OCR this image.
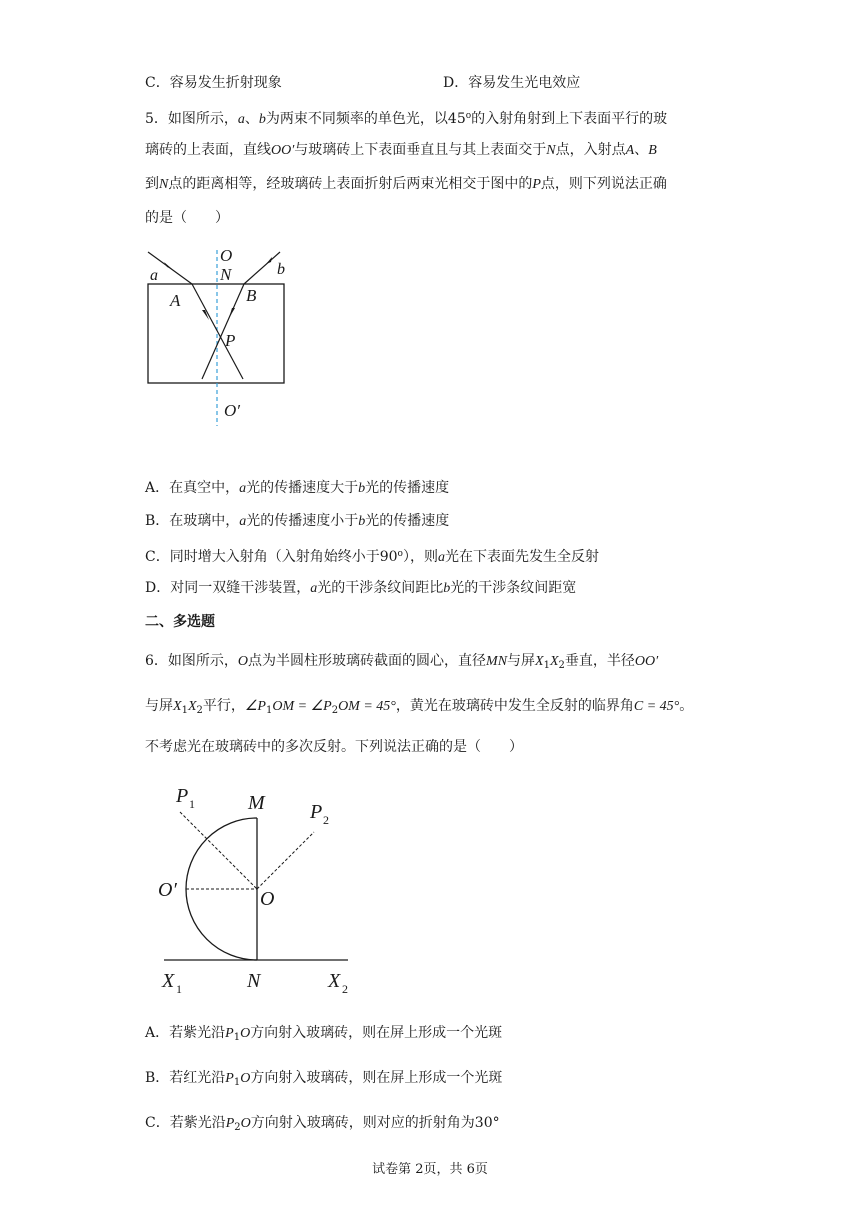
C．容易发生折射现象	D．容易发生光电效应
5．如图所示，a、b为两束不同频率的单色光，以45$^o$的入射角射到上下表面平行的玻
璃砖的上表面，直线OO′与玻璃砖上下表面垂直且与其上表面交于N点，入射点A、B
到N点的距离相等，经玻璃砖上表面折射后两束光相交于图中的P点，则下列说法正确
的是（　　）
O
N
a	b
A	B
P
O′
A．在真空中，a光的传播速度大于b光的传播速度
B．在玻璃中，a光的传播速度小于b光的传播速度
C．同时增大入射角（入射角始终小于90$^o$），则a光在下表面先发生全反射
D．对同一双缝干涉装置，a光的干涉条纹间距比b光的干涉条纹间距宽
二、多选题
6．如图所示，O点为半圆柱形玻璃砖截面的圆心，直径MN与屏$X_1X_2$垂直，半径OO′
与屏$X_1X_2$平行，$\angle P_1OM$ = $\angle P_2OM = 45^\circ$，黄光在玻璃砖中发生全反射的临界角C = 45°。
不考虑光在玻璃砖中的多次反射。下列说法正确的是（　　）
P 1	M P 2
O′	O
X 1	N	X 2
A．若紫光沿$P_1O$方向射入玻璃砖，则在屏上形成一个光斑
B．若红光沿$P_1O$方向射入玻璃砖，则在屏上形成一个光斑
C．若紫光沿$P_2O$方向射入玻璃砖，则对应的折射角为30°
试卷第 2页，共 6页
